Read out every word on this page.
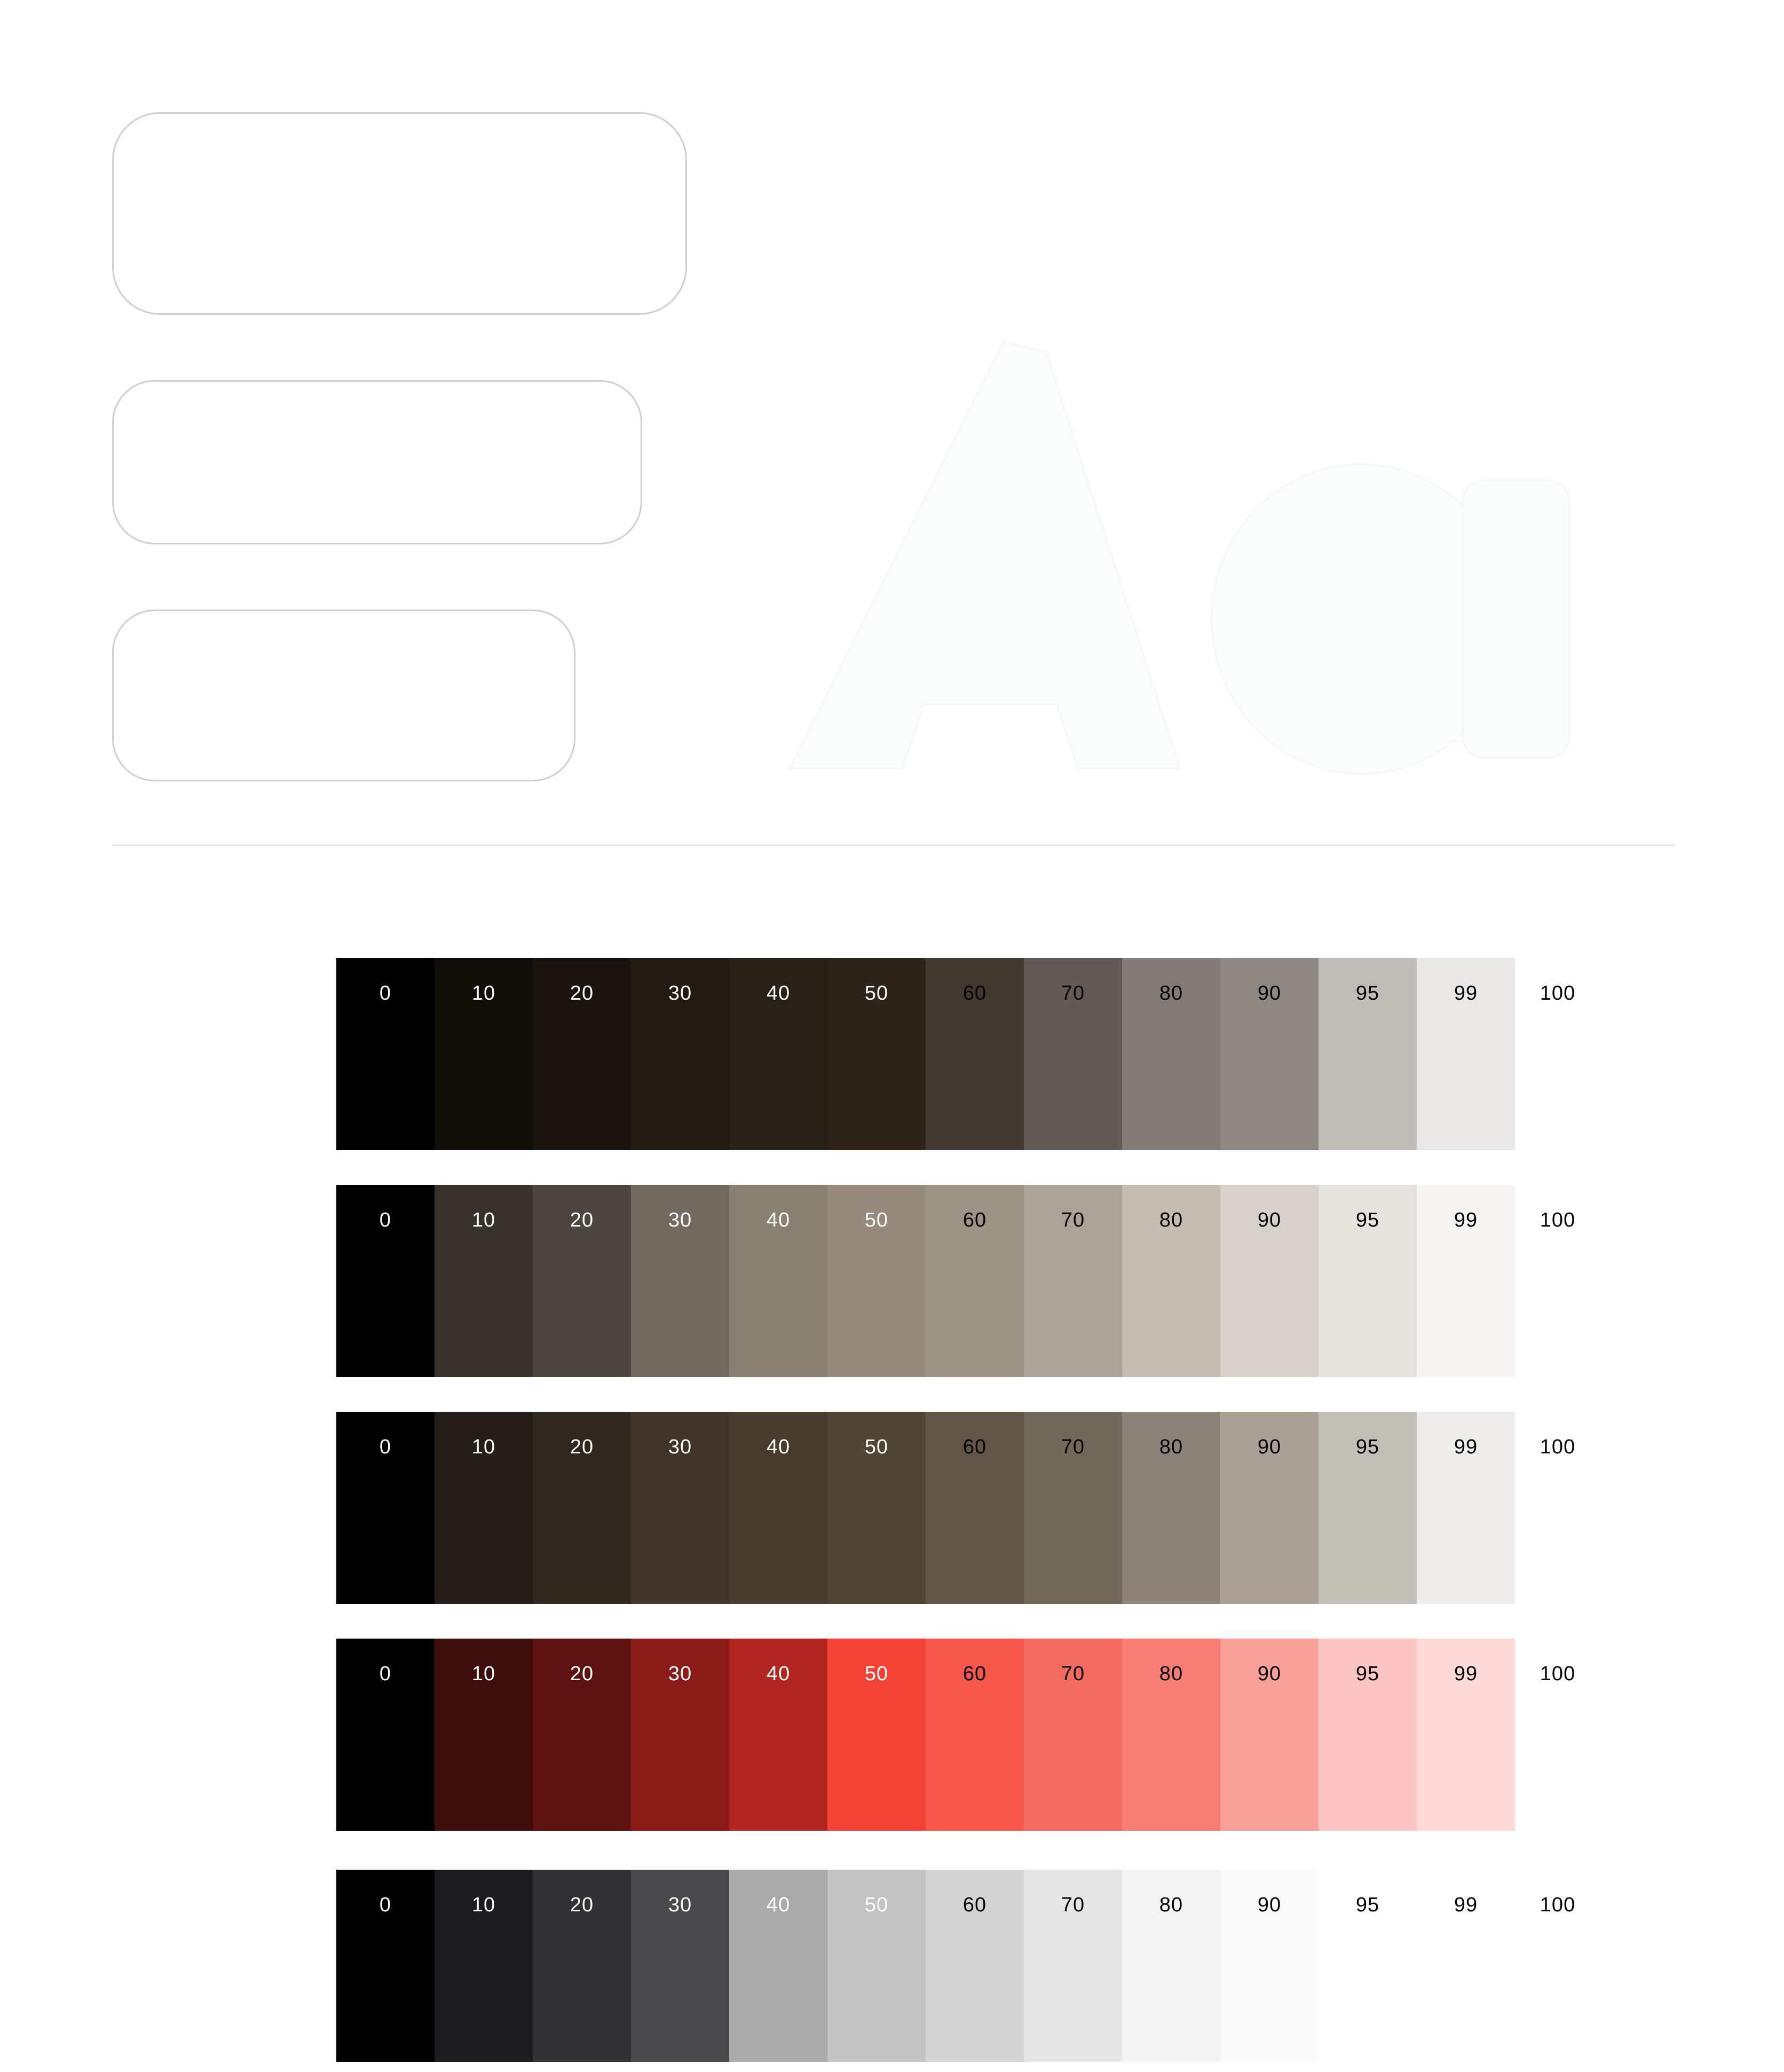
0	10	20	30	40	50	60	70	80	90	95	99	100
0	10	20	30	40	50	60	70	80	90	95	99	100
0	10	20	30	40	50	60	70	80	90	95	99	100
0	10	20	30	40	50	60	70	80	90	95	99	100
0	10	20	30	40	50	60	70	80	90	95	99	100
